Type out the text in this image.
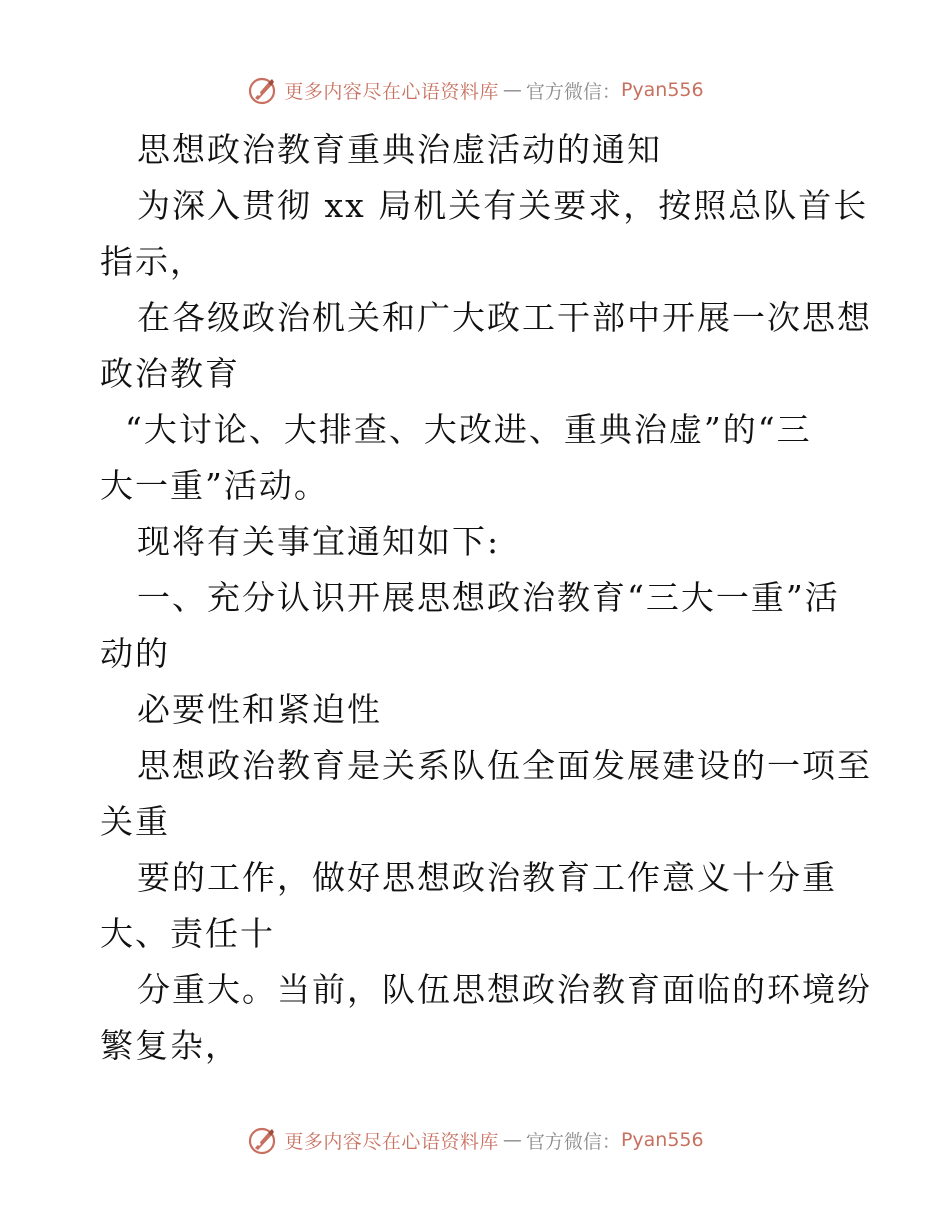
更多内容尽在心语资料库 — 官方微信： Pyan556
思想政治教育重典治虚活动的通知
为深入贯彻 xx 局机关有关要求，按照总队首长
指示，
在各级政治机关和广大政工干部中开展一次思想
政治教育
“大讨论、大排查、大改进、重典治虚”的“三
大一重”活动。
现将有关事宜通知如下:
一、充分认识开展思想政治教育“三大一重”活
动的
必要性和紧迫性
思想政治教育是关系队伍全面发展建设的一项至
关重
要的工作，做好思想政治教育工作意义十分重
大、责任十
分重大。当前，队伍思想政治教育面临的环境纷
繁复杂，
更多内容尽在心语资料库 — 官方微信： Pyan556
